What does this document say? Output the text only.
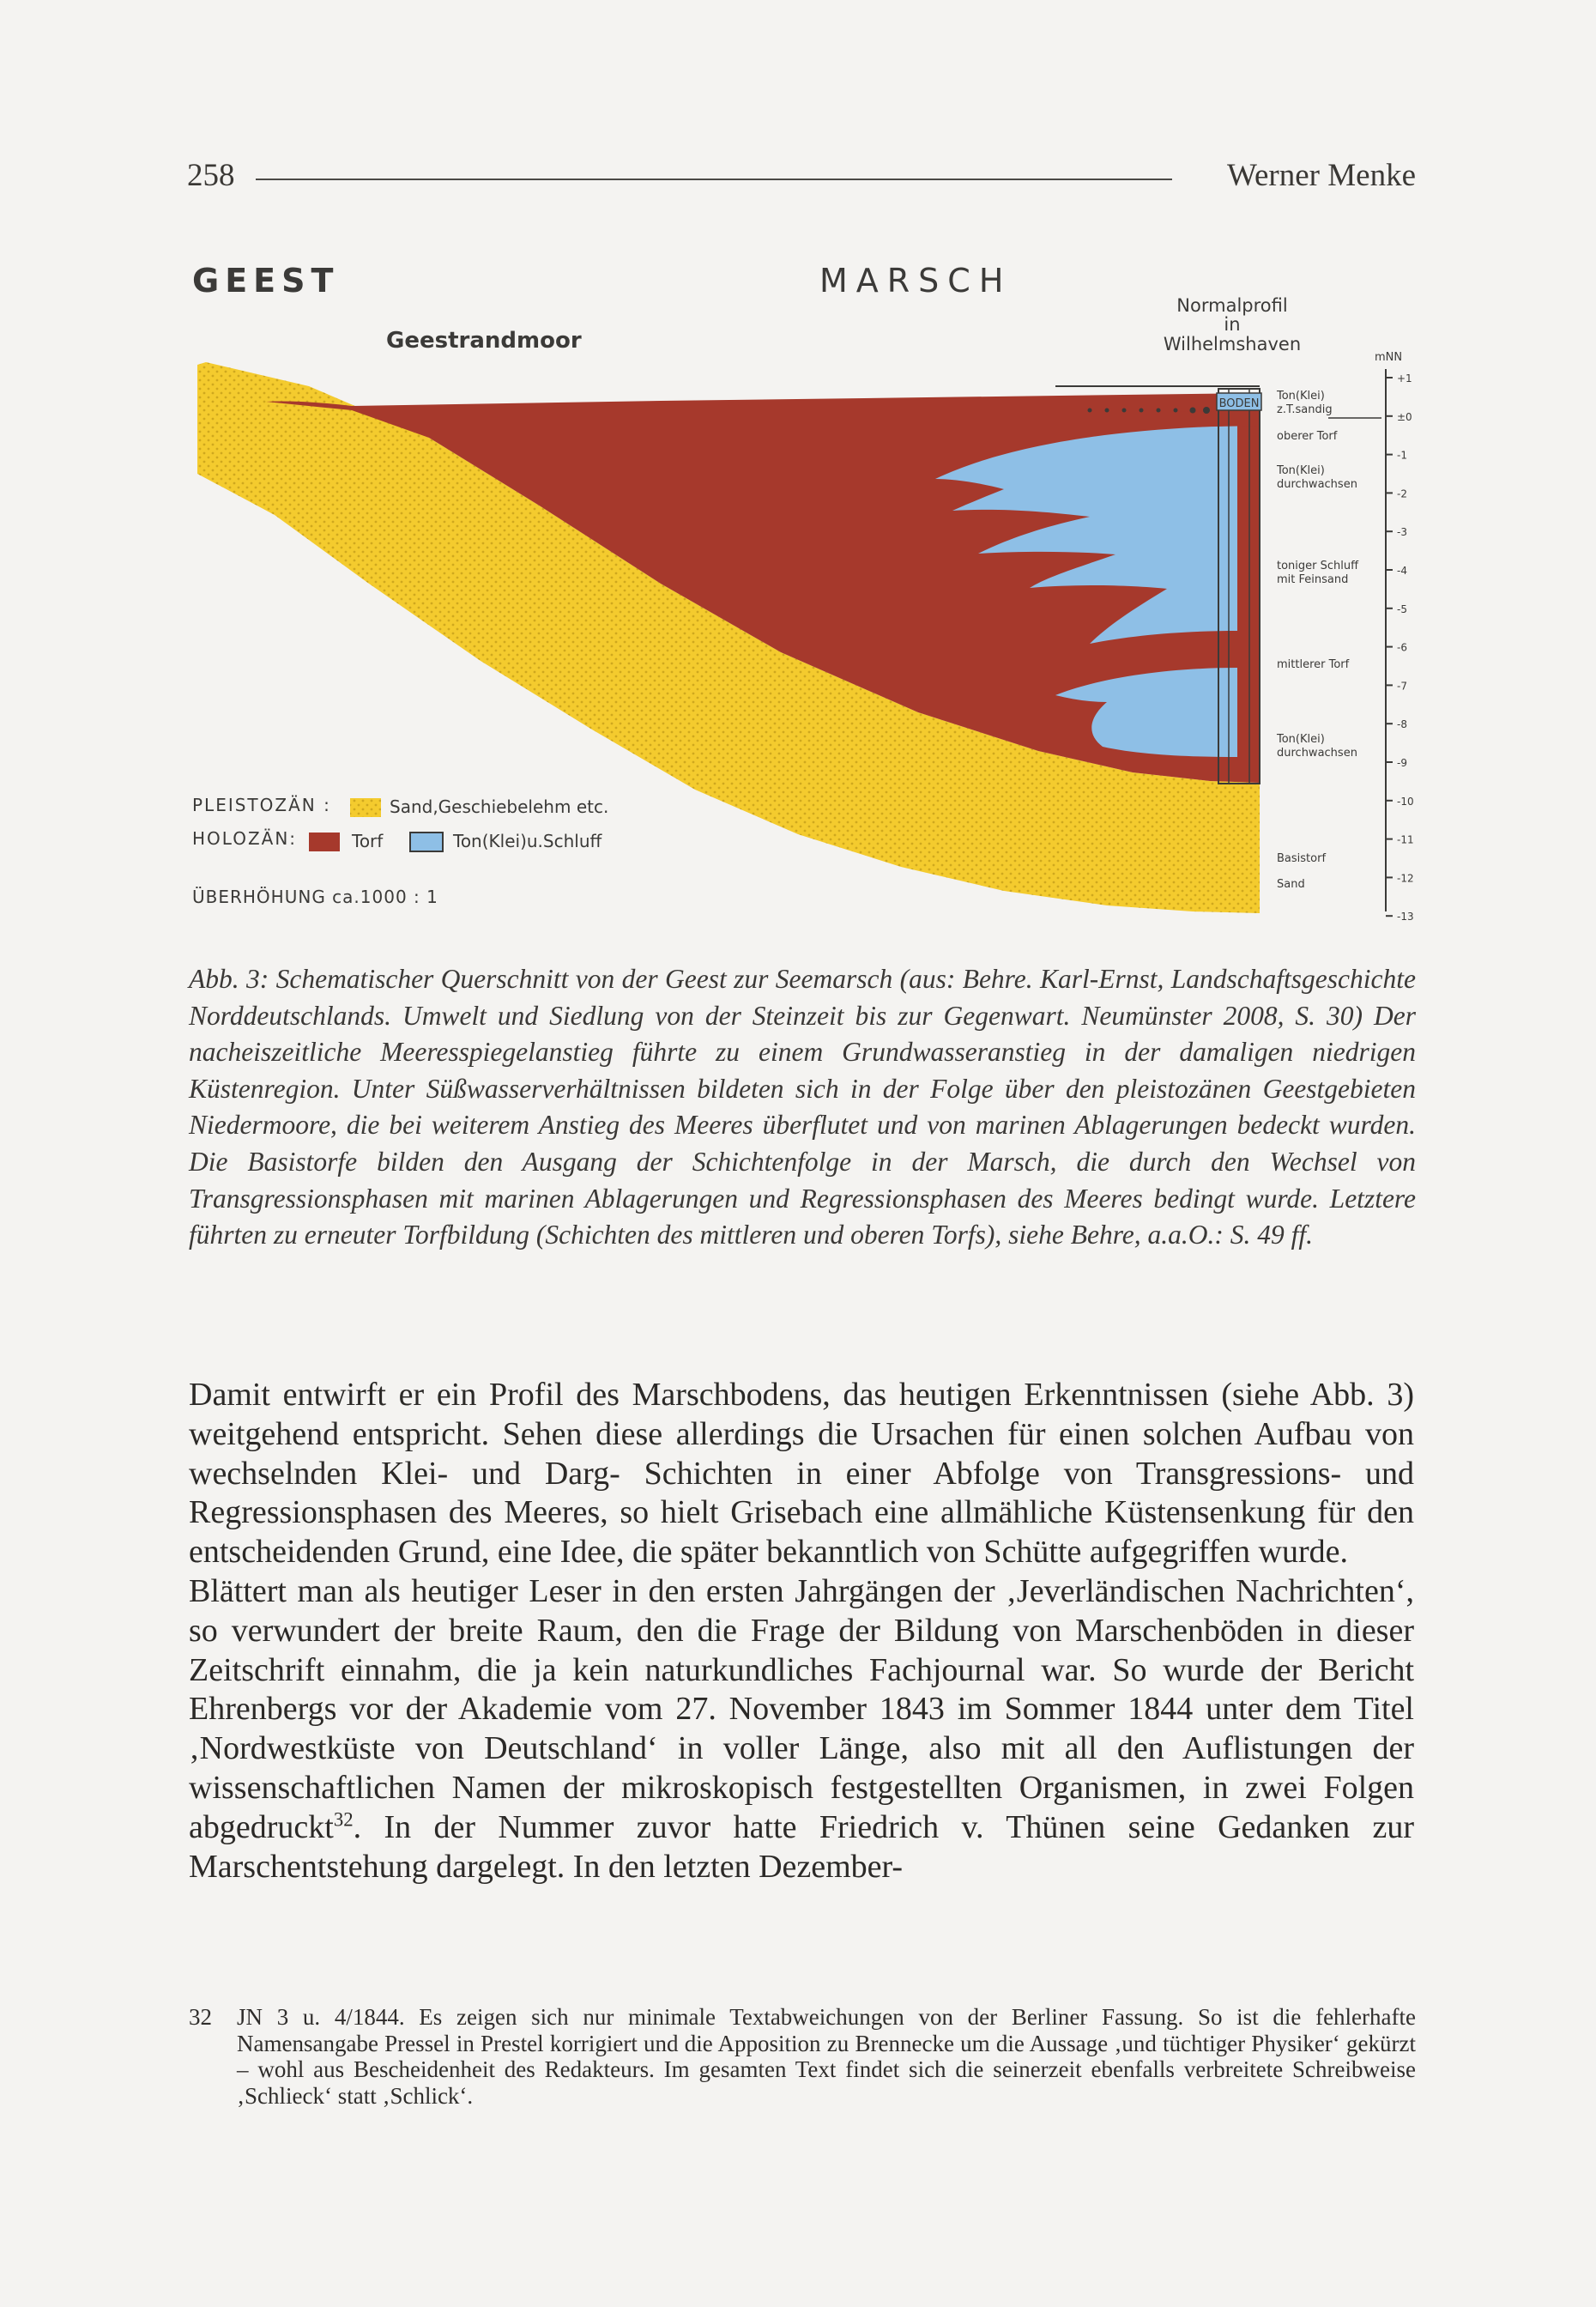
258	Werner Menke
BODEN
GEEST	MARSCH
Geestrandmoor
Normalprofil
in
Wilhelmshaven
mNN
+1
±0
-1
-2
-3
-4
-5
-6
-7
-8
-9
-10
-11
-12
-13
Ton(Klei)
z.T.sandig
oberer Torf
Ton(Klei)
durchwachsen
toniger Schluff
mit Feinsand
mittlerer Torf
Ton(Klei)
durchwachsen
Basistorf
Sand
PLEISTOZÄN :	Sand,Geschiebelehm etc.
HOLOZÄN:	Torf	Ton(Klei)u.Schluff
ÜBERHÖHUNG ca.1000 : 1

Abb. 3: Schematischer Querschnitt von der Geest zur Seemarsch (aus: Behre. Karl-Ernst, Landschaftsgeschichte Norddeutschlands. Umwelt und Siedlung von der Steinzeit bis zur Gegenwart. Neumünster 2008, S. 30) Der nacheiszeitliche Meeresspiegelanstieg führte zu einem Grundwasseranstieg in der damaligen niedrigen Küstenregion. Unter Süßwasserverhältnissen bildeten sich in der Folge über den pleistozänen Geestgebieten Niedermoore, die bei weiterem Anstieg des Meeres überflutet und von marinen Ablagerungen bedeckt wurden. Die Basistorfe bilden den Ausgang der Schichtenfolge in der Marsch, die durch den Wechsel von Transgressionsphasen mit marinen Ablagerungen und Regressionsphasen des Meeres bedingt wurde. Letztere führten zu erneuter Torfbildung (Schichten des mittleren und oberen Torfs), siehe Behre, a.a.O.: S. 49 ff.

Damit entwirft er ein Profil des Marschbodens, das heutigen Erkenntnissen (siehe Abb. 3) weitgehend entspricht. Sehen diese allerdings die Ursachen für einen solchen Aufbau von wechselnden Klei- und Darg- Schichten in einer Abfolge von Transgressions- und Regressionsphasen des Meeres, so hielt Grisebach eine allmähliche Küstensenkung für den entscheidenden Grund, eine Idee, die später bekanntlich von Schütte aufgegriffen wurde.

Blättert man als heutiger Leser in den ersten Jahrgängen der ‚Jeverländischen Nachrichten‘, so verwundert der breite Raum, den die Frage der Bildung von Marschenböden in dieser Zeitschrift einnahm, die ja kein naturkundliches Fachjournal war. So wurde der Bericht Ehrenbergs vor der Akademie vom 27. November 1843 im Sommer 1844 unter dem Titel ‚Nordwestküste von Deutschland‘ in voller Länge, also mit all den Auflistungen der wissenschaftlichen Namen der mikroskopisch festgestellten Organismen, in zwei Folgen abgedruckt$^{32}$. In der Nummer zuvor hatte Friedrich v. Thünen seine Gedanken zur Marschentstehung dargelegt. In den letzten Dezember-

32 JN 3 u. 4/1844. Es zeigen sich nur minimale Textabweichungen von der Berliner Fassung. So ist die fehlerhafte Namensangabe Pressel in Prestel korrigiert und die Apposition zu Brennecke um die Aussage ‚und tüchtiger Physiker‘ gekürzt – wohl aus Bescheidenheit des Redakteurs. Im gesamten Text findet sich die seinerzeit ebenfalls verbreitete Schreibweise ‚Schlieck‘ statt ‚Schlick‘.
